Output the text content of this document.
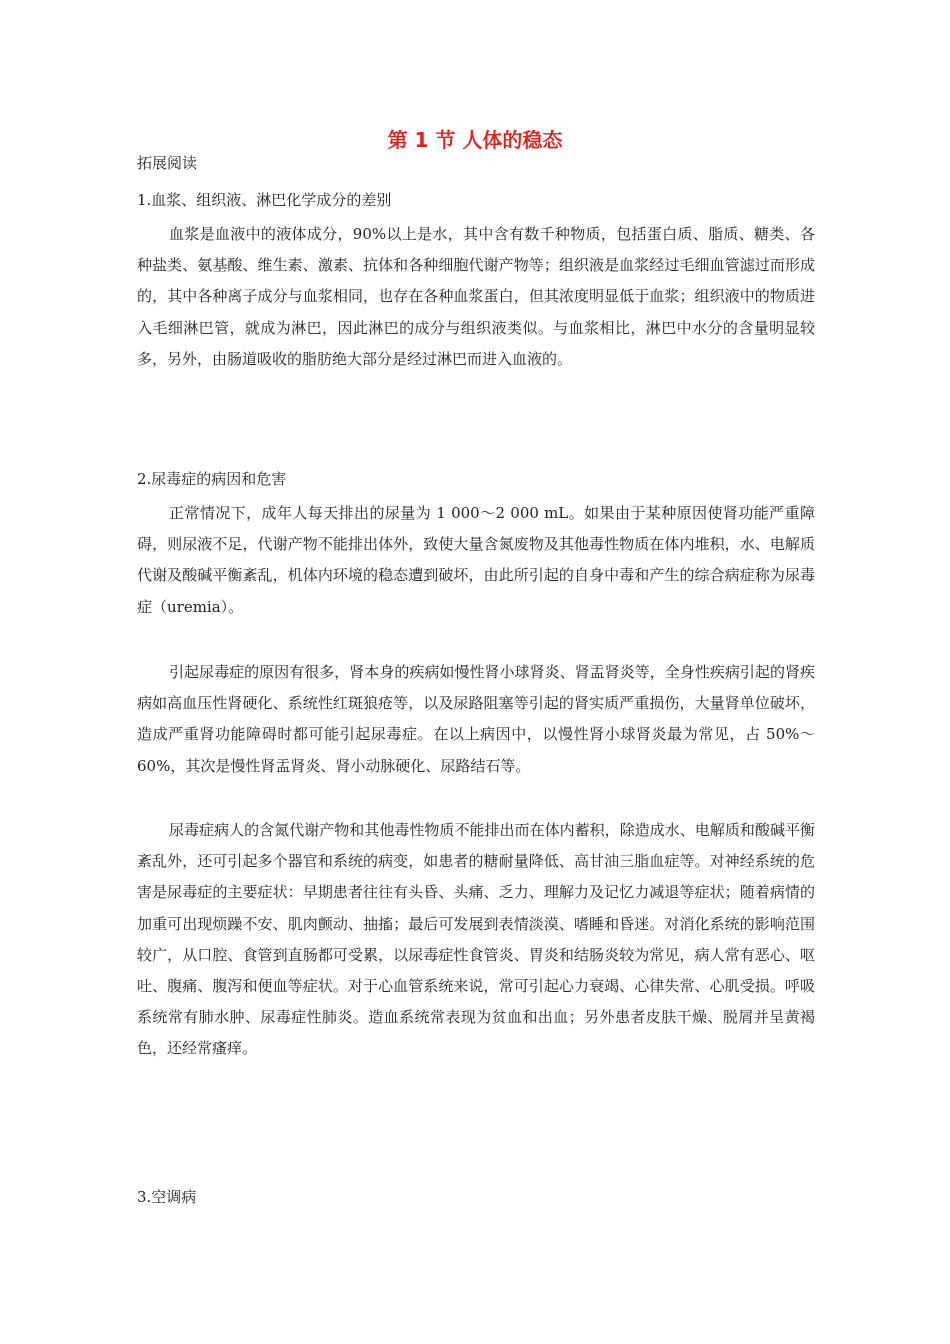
第 1 节 人体的稳态
拓展阅读
1.血浆、组织液、淋巴化学成分的差别
血浆是血液中的液体成分，90%以上是水，其中含有数千种物质，包括蛋白质、脂质、糖类、各种盐类、氨基酸、维生素、激素、抗体和各种细胞代谢产物等；组织液是血浆经过毛细血管滤过而形成的，其中各种离子成分与血浆相同，也存在各种血浆蛋白，但其浓度明显低于血浆；组织液中的物质进入毛细淋巴管，就成为淋巴，因此淋巴的成分与组织液类似。与血浆相比，淋巴中水分的含量明显较多，另外，由肠道吸收的脂肪绝大部分是经过淋巴而进入血液的。
2.尿毒症的病因和危害
正常情况下，成年人每天排出的尿量为 1 000～2 000 mL。如果由于某种原因使肾功能严重障碍，则尿液不足，代谢产物不能排出体外，致使大量含氮废物及其他毒性物质在体内堆积，水、电解质代谢及酸碱平衡紊乱，机体内环境的稳态遭到破坏，由此所引起的自身中毒和产生的综合病症称为尿毒症（uremia）。
引起尿毒症的原因有很多，肾本身的疾病如慢性肾小球肾炎、肾盂肾炎等，全身性疾病引起的肾疾病如高血压性肾硬化、系统性红斑狼疮等，以及尿路阻塞等引起的肾实质严重损伤，大量肾单位破坏，造成严重肾功能障碍时都可能引起尿毒症。在以上病因中，以慢性肾小球肾炎最为常见，占 50%～60%，其次是慢性肾盂肾炎、肾小动脉硬化、尿路结石等。
尿毒症病人的含氮代谢产物和其他毒性物质不能排出而在体内蓄积，除造成水、电解质和酸碱平衡紊乱外，还可引起多个器官和系统的病变，如患者的糖耐量降低、高甘油三脂血症等。对神经系统的危害是尿毒症的主要症状：早期患者往往有头昏、头痛、乏力、理解力及记忆力减退等症状；随着病情的加重可出现烦躁不安、肌肉颤动、抽搐；最后可发展到表情淡漠、嗜睡和昏迷。对消化系统的影响范围较广，从口腔、食管到直肠都可受累，以尿毒症性食管炎、胃炎和结肠炎较为常见，病人常有恶心、呕吐、腹痛、腹泻和便血等症状。对于心血管系统来说，常可引起心力衰竭、心律失常、心肌受损。呼吸系统常有肺水肿、尿毒症性肺炎。造血系统常表现为贫血和出血；另外患者皮肤干燥、脱屑并呈黄褐色，还经常瘙痒。
3.空调病
